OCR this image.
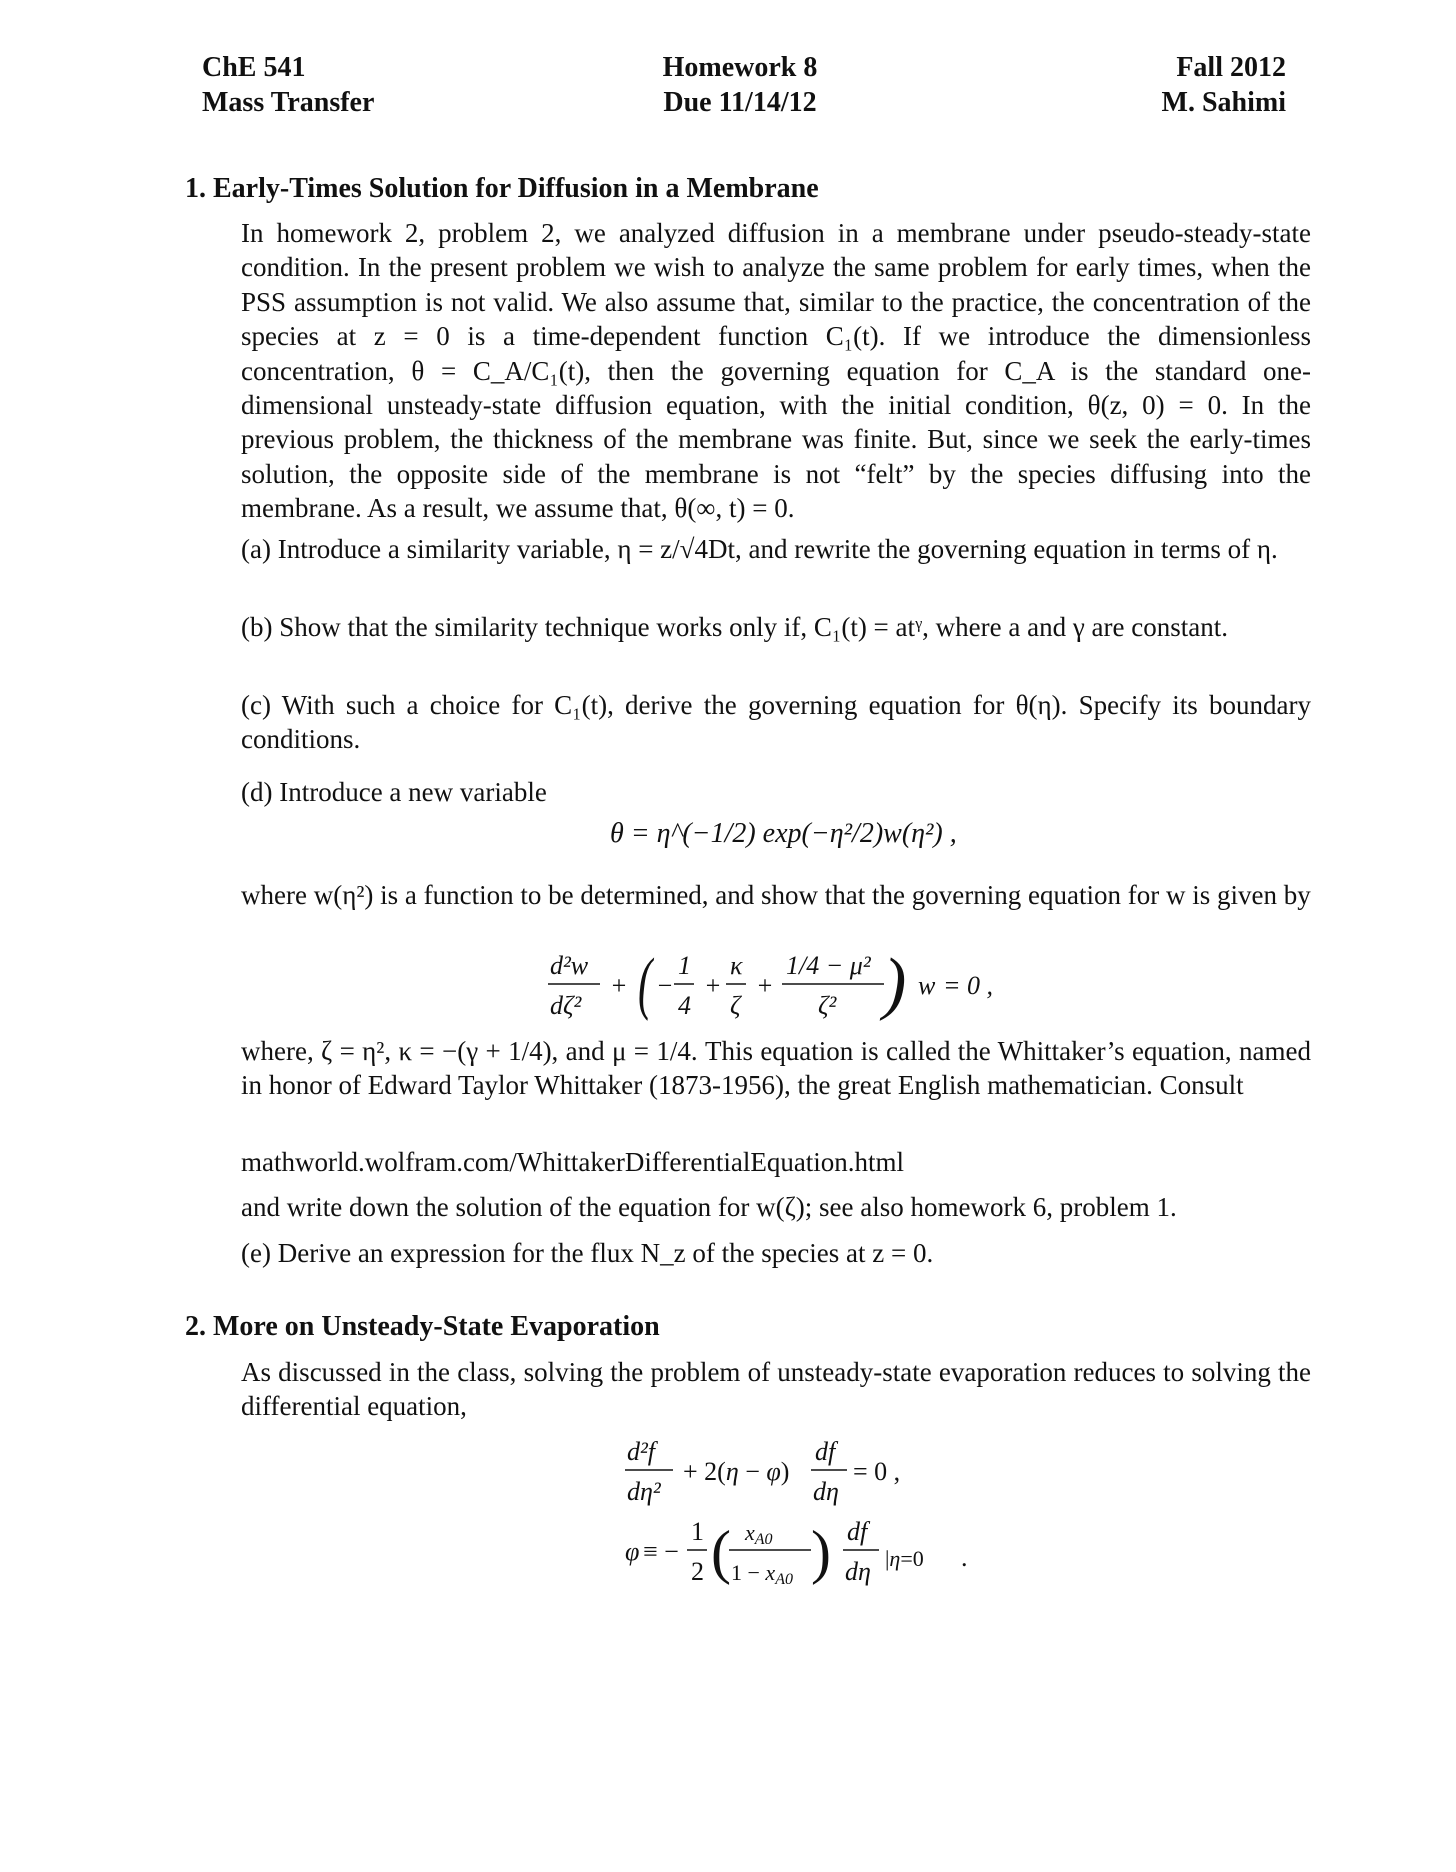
ChE 541
Mass Transfer
Homework 8
Due 11/14/12
Fall 2012
M. Sahimi
1. Early-Times Solution for Diffusion in a Membrane

In homework 2, problem 2, we analyzed diffusion in a membrane under pseudo-steady-state condition. In the present problem we wish to analyze the same problem for early times, when the PSS assumption is not valid. We also assume that, similar to the practice, the concentration of the species at z = 0 is a time-dependent function C₁(t). If we introduce the dimensionless concentration, θ = C_A/C₁(t), then the governing equation for C_A is the standard one-dimensional unsteady-state diffusion equation, with the initial condition, θ(z, 0) = 0. In the previous problem, the thickness of the membrane was finite. But, since we seek the early-times solution, the opposite side of the membrane is not “felt” by the species diffusing into the membrane. As a result, we assume that, θ(∞, t) = 0.

(a) Introduce a similarity variable, η = z/√4Dt, and rewrite the governing equation in terms of η.
(b) Show that the similarity technique works only if, C₁(t) = atᵞ, where a and γ are constant.
(c) With such a choice for C₁(t), derive the governing equation for θ(η). Specify its boundary conditions.
(d) Introduce a new variable
θ = η^(−1/2) exp(−η²/2)w(η²) ,
where w(η²) is a function to be determined, and show that the governing equation for w is given by
d²w
dζ²
+ ( −
1
4
+
κ
ζ
+
1/4 − μ²
ζ² ) w = 0 ,
where, ζ = η², κ = −(γ + 1/4), and μ = 1/4. This equation is called the Whittaker’s equation, named in honor of Edward Taylor Whittaker (1873-1956), the great English mathematician. Consult
mathworld.wolfram.com/WhittakerDifferentialEquation.html
and write down the solution of the equation for w(ζ); see also homework 6, problem 1.
(e) Derive an expression for the flux N_z of the species at z = 0.
2. More on Unsteady-State Evaporation
As discussed in the class, solving the problem of unsteady-state evaporation reduces to solving the differential equation,
d²f
dη²
+ 2(η − φ)
df
dη
= 0 ,
φ ≡ −
1
2 ( xA0
1 − xA0 ) df
dη |η=0 .
